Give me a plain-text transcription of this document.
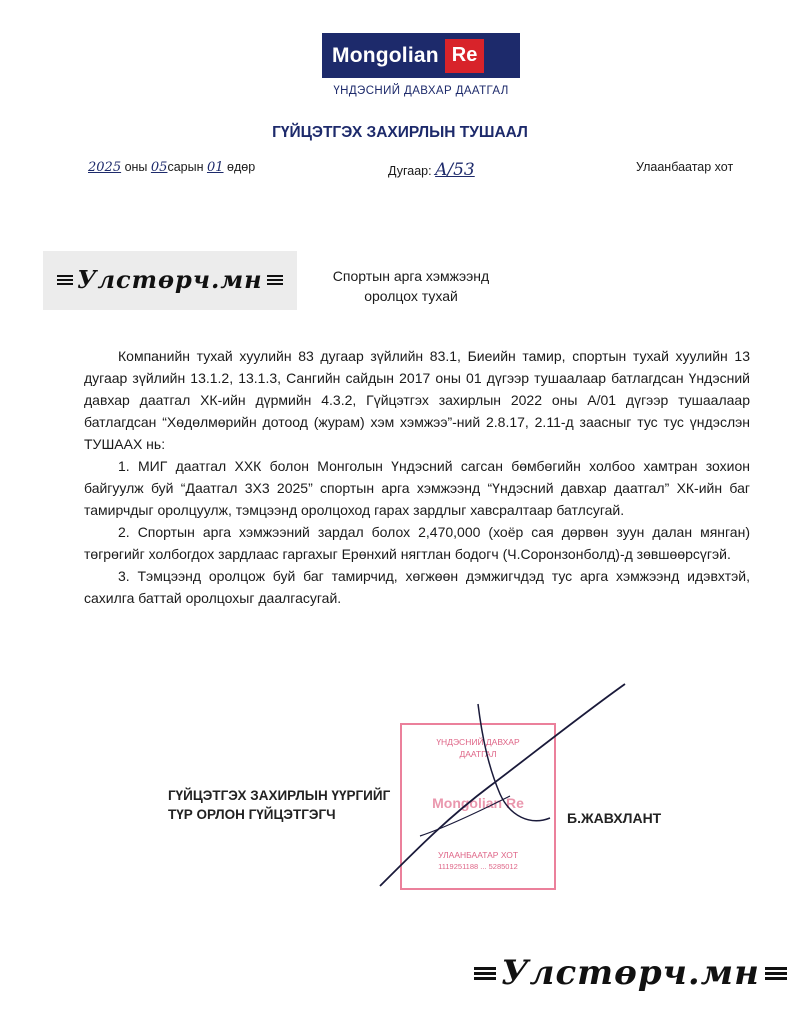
Mongolian Re
ҮНДЭСНИЙ ДАВХАР ДААТГАЛ
ГҮЙЦЭТГЭХ ЗАХИРЛЫН ТУШААЛ
2025 оны 05сарын 01 өдөр	Дугаар: A/53	Улаанбаатар хот
Улстөрч.мн	Спортын арга хэмжээнд
оролцох тухай

Компанийн тухай хуулийн 83 дугаар зүйлийн 83.1, Биеийн тамир, спортын тухай хуулийн 13 дугаар зүйлийн 13.1.2, 13.1.3, Сангийн сайдын 2017 оны 01 дүгээр тушаалаар батлагдсан Үндэсний давхар даатгал ХК-ийн дүрмийн 4.3.2, Гүйцэтгэх захирлын 2022 оны А/01 дүгээр тушаалаар батлагдсан “Хөдөлмөрийн дотоод (журам) хэм хэмжээ”-ний 2.8.17, 2.11-д заасныг тус тус үндэслэн ТУШААХ нь:

1. МИГ даатгал ХХК болон Монголын Үндэсний сагсан бөмбөгийн холбоо хамтран зохион байгуулж буй “Даатгал 3Х3 2025” спортын арга хэмжээнд “Үндэсний давхар даатгал” ХК-ийн баг тамирчдыг оролцуулж, тэмцээнд оролцоход гарах зардлыг хавсралтаар батлсугай.

2. Спортын арга хэмжээний зардал болох 2,470,000 (хоёр сая дөрвөн зуун далан мянган) төгрөгийг холбогдох зардлаас гаргахыг Ерөнхий нягтлан бодогч (Ч.Соронзонболд)-д зөвшөөрсүгэй.

3. Тэмцээнд оролцож буй баг тамирчид, хөгжөөн дэмжигчдэд тус арга хэмжээнд идэвхтэй, сахилга баттай оролцохыг даалгасугай.

ҮНДЭСНИЙ ДАВХАР
ДААТГАЛ
Mongolian Re
УЛААНБААТАР ХОТ
1119251188 ... 5285012
ГҮЙЦЭТГЭХ ЗАХИРЛЫН ҮҮРГИЙГ
ТҮР ОРЛОН ГҮЙЦЭТГЭГЧ	Б.ЖАВХЛАНТ
Улстөрч.мн
